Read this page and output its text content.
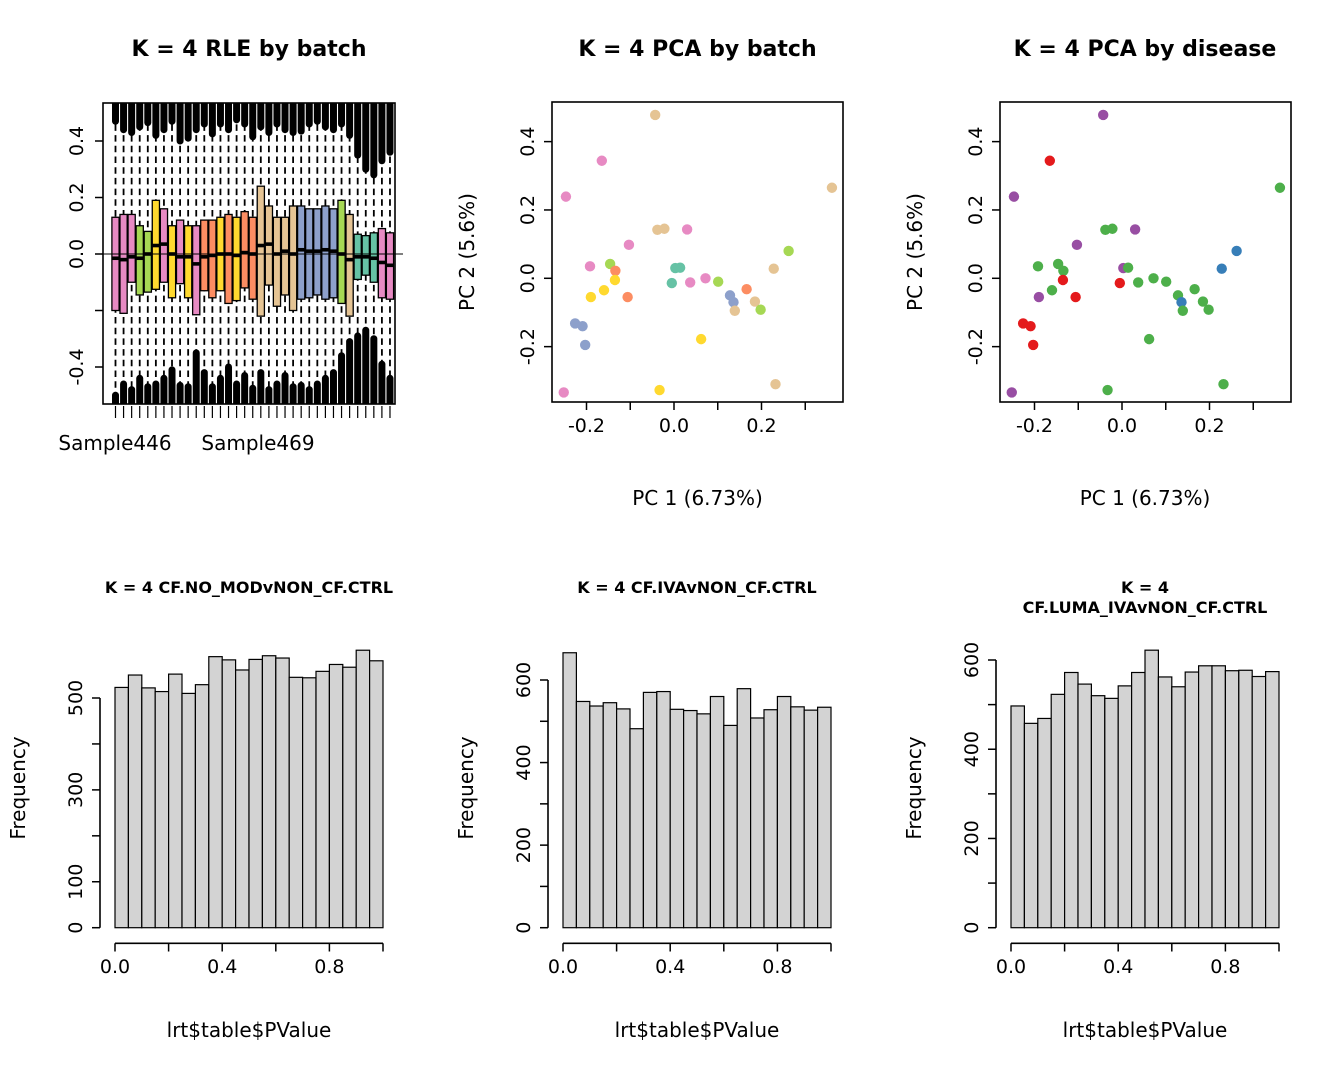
0.4
0.2
0.0
-0.4
-0.2	0.0	0.2
0.4
0.2
0.0
-0.2
-0.2	0.0	0.2
0.4
0.2
0.0
-0.2
0
100
300
500
0.0	0.4	0.8
0
200
400
600
0.0	0.4	0.8
0
200
400
600
0.0	0.4	0.8
K = 4 RLE by batch	K = 4 PCA by batch	K = 4 PCA by disease
Sample446	Sample469
PC 1 (6.73%)	PC 1 (6.73%)
PC 2 (5.6%)	PC 2 (5.6%)
K = 4 CF.NO_MODvNON_CF.CTRL	K = 4 CF.IVAvNON_CF.CTRL	K = 4 CF.LUMA_IVAvNON_CF.CTRL
Frequency	Frequency	Frequency
lrt$table$PValue	lrt$table$PValue	lrt$table$PValue
